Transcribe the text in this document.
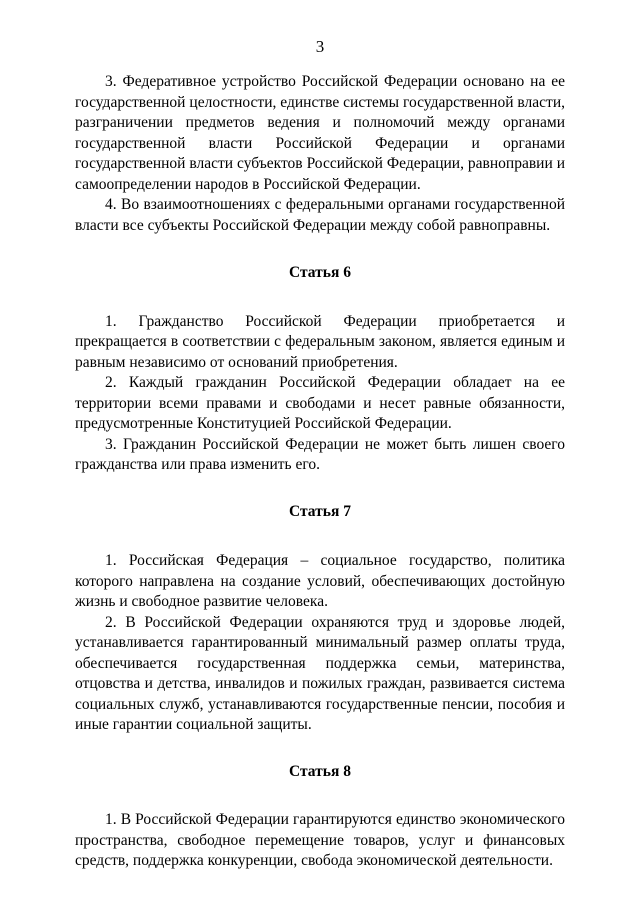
3

3. Федеративное устройство Российской Федерации основано на ее государственной целостности, единстве системы государственной власти, разграничении предметов ведения и полномочий между органами государственной власти Российской Федерации и органами государственной власти субъектов Российской Федерации, равноправии и самоопределении народов в Российской Федерации.

4. Во взаимоотношениях с федеральными органами государственной власти все субъекты Российской Федерации между собой равноправны.

Статья 6

1. Гражданство Российской Федерации приобретается и прекращается в соответствии с федеральным законом, является единым и равным независимо от оснований приобретения.

2. Каждый гражданин Российской Федерации обладает на ее территории всеми правами и свободами и несет равные обязанности, предусмотренные Конституцией Российской Федерации.

3. Гражданин Российской Федерации не может быть лишен своего гражданства или права изменить его.

Статья 7

1. Российская Федерация – социальное государство, политика которого направлена на создание условий, обеспечивающих достойную жизнь и свободное развитие человека.

2. В Российской Федерации охраняются труд и здоровье людей, устанавливается гарантированный минимальный размер оплаты труда, обеспечивается государственная поддержка семьи, материнства, отцовства и детства, инвалидов и пожилых граждан, развивается система социальных служб, устанавливаются государственные пенсии, пособия и иные гарантии социальной защиты.

Статья 8

1. В Российской Федерации гарантируются единство экономического пространства, свободное перемещение товаров, услуг и финансовых средств, поддержка конкуренции, свобода экономической деятельности.
